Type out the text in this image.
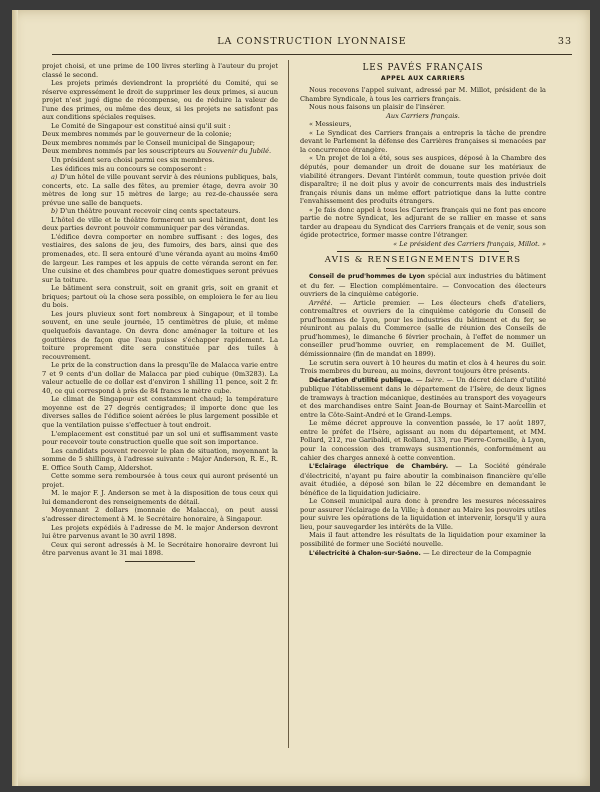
LA CONSTRUCTION LYONNAISE	33

projet choisi, et une prime de 100 livres sterling à l'auteur du projet classé le second.

Les projets primés deviendront la propriété du Comité, qui se réserve expressément le droit de supprimer les deux primes, si aucun projet n'est jugé digne de récompense, ou de réduire la valeur de l'une des primes, ou même des deux, si les projets ne satisfont pas aux conditions spéciales requises.

Le Comité de Singapour est constitué ainsi qu'il suit :

Deux membres nommés par le gouverneur de la colonie;

Deux membres nommés par le Conseil municipal de Singapour;

Deux membres nommés par les souscripteurs au Souvenir du Jubilé.

Un président sera choisi parmi ces six membres.

Les édifices mis au concours se composeront :

a) D'un hôtel de ville pouvant servir à des réunions publiques, bals, concerts, etc. La salle des fêtes, au premier étage, devra avoir 30 mètres de long sur 15 mètres de large; au rez-de-chaussée sera prévue une salle de banquets.

b) D'un théâtre pouvant recevoir cinq cents spectateurs.

L'hôtel de ville et le théâtre formeront un seul bâtiment, dont les deux parties devront pouvoir communiquer par des vérandas.

L'édifice devra comporter en nombre suffisant : des loges, des vestiaires, des salons de jeu, des fumoirs, des bars, ainsi que des promenades, etc. Il sera entouré d'une véranda ayant au moins 4m60 de largeur. Les rampes et les appuis de cette véranda seront en fer. Une cuisine et des chambres pour quatre domestiques seront prévues sur la toiture.

Le bâtiment sera construit, soit en granit gris, soit en granit et briques; partout où la chose sera possible, on emploiera le fer au lieu du bois.

Les jours pluvieux sont fort nombreux à Singapour, et il tombe souvent, en une seule journée, 15 centimètres de pluie, et même quelquefois davantage. On devra donc aménager la toiture et les gouttières de façon que l'eau puisse s'échapper rapidement. La toiture proprement dite sera constituée par des tuiles à recouvrement.

Le prix de la construction dans la presqu'île de Malacca varie entre 7 et 9 cents d'un dollar de Malacca par pied cubique (0m3283). La valeur actuelle de ce dollar est d'environ 1 shilling 11 pence, soit 2 fr. 40, ce qui correspond à près de 84 francs le mètre cube.

Le climat de Singapour est constamment chaud; la température moyenne est de 27 degrés centigrades; il importe donc que les diverses salles de l'édifice soient aérées le plus largement possible et que la ventilation puisse s'effectuer à tout endroit.

L'emplacement est constitué par un sol uni et suffisamment vaste pour recevoir toute construction quelle que soit son importance.

Les candidats pouvent recevoir le plan de situation, moyennant la somme de 5 shillings, à l'adresse suivante : Major Anderson, R. E., R. E. Office South Camp, Aldershot.

Cette somme sera remboursée à tous ceux qui auront présenté un projet.

M. le major F. J. Anderson se met à la disposition de tous ceux qui lui demanderont des renseignements de détail.

Moyennant 2 dollars (monnaie de Malacca), on peut aussi s'adresser directement à M. le Secrétaire honoraire, à Singapour.

Les projets expédiés à l'adresse de M. le major Anderson devront lui être parvenus avant le 30 avril 1898.

Ceux qui seront adressés à M. le Secrétaire honoraire devront lui être parvenus avant le 31 mai 1898.

LES PAVÉS FRANÇAIS
APPEL AUX CARRIERS

Nous recevons l'appel suivant, adressé par M. Millot, président de la Chambre Syndicale, à tous les carriers français.

Nous nous faisons un plaisir de l'insérer.

Aux Carriers français.

« Messieurs,

« Le Syndicat des Carriers français a entrepris la tâche de prendre devant le Parlement la défense des Carrières françaises si menacées par la concurrence étrangère.

« Un projet de loi a été, sous ses auspices, déposé à la Chambre des députés, pour demander un droit de douane sur les matériaux de viabilité étrangers. Devant l'intérêt commun, toute question privée doit disparaître; il ne doit plus y avoir de concurrents mais des industriels français réunis dans un même effort patriotique dans la lutte contre l'envahissement des produits étrangers.

« Je fais donc appel à tous les Carriers français qui ne font pas encore partie de notre Syndicat, les adjurant de se rallier en masse et sans tarder au drapeau du Syndicat des Carriers français et de venir, sous son égide protectrice, former masse contre l'étranger.

« Le président des Carriers français, Millot. »

AVIS & RENSEIGNEMENTS DIVERS

Conseil de prud'hommes de Lyon spécial aux industries du bâtiment et du fer. — Election complémentaire. — Convocation des électeurs ouvriers de la cinquième catégorie.

Arrêté. — Article premier. — Les électeurs chefs d'ateliers, contremaîtres et ouvriers de la cinquième catégorie du Conseil de prud'hommes de Lyon, pour les industries du bâtiment et du fer, se réuniront au palais du Commerce (salle de réunion des Conseils de prud'hommes), le dimanche 6 février prochain, à l'effet de nommer un conseiller prud'homme ouvrier, en remplacement de M. Guillet, démissionnaire (fin de mandat en 1899).

Le scrutin sera ouvert à 10 heures du matin et clos à 4 heures du soir. Trois membres du bureau, au moins, devront toujours être présents.

Déclaration d'utilité publique. — Isère. — Un décret déclare d'utilité publique l'établissement dans le département de l'Isère, de deux lignes de tramways à traction mécanique, destinées au transport des voyageurs et des marchandises entre Saint Jean-de Bournay et Saint-Marcellin et entre la Côte-Saint-André et le Grand-Lemps.

Le même décret approuve la convention passée, le 17 août 1897, entre le préfet de l'Isère, agissant au nom du département, et MM. Pollard, 212, rue Garibaldi, et Rolland, 133, rue Pierre-Corneille, à Lyon, pour la concession des tramways susmentionnés, conformément au cahier des charges annexé à cette convention.

L'Eclairage électrique de Chambéry. — La Société générale d'électricité, n'ayant pu faire aboutir la combinaison financière qu'elle avait étudiée, a déposé son bilan le 22 décembre en demandant le bénéfice de la liquidation judiciaire.

Le Conseil municipal aura donc à prendre les mesures nécessaires pour assurer l'éclairage de la Ville; à donner au Maire les pouvoirs utiles pour suivre les opérations de la liquidation et intervenir, lorsqu'il y aura lieu, pour sauvegarder les intérêts de la Ville.

Mais il faut attendre les résultats de la liquidation pour examiner la possibilité de former une Société nouvelle.

L'électricité à Chalon-sur-Saône. — Le directeur de la Compagnie
